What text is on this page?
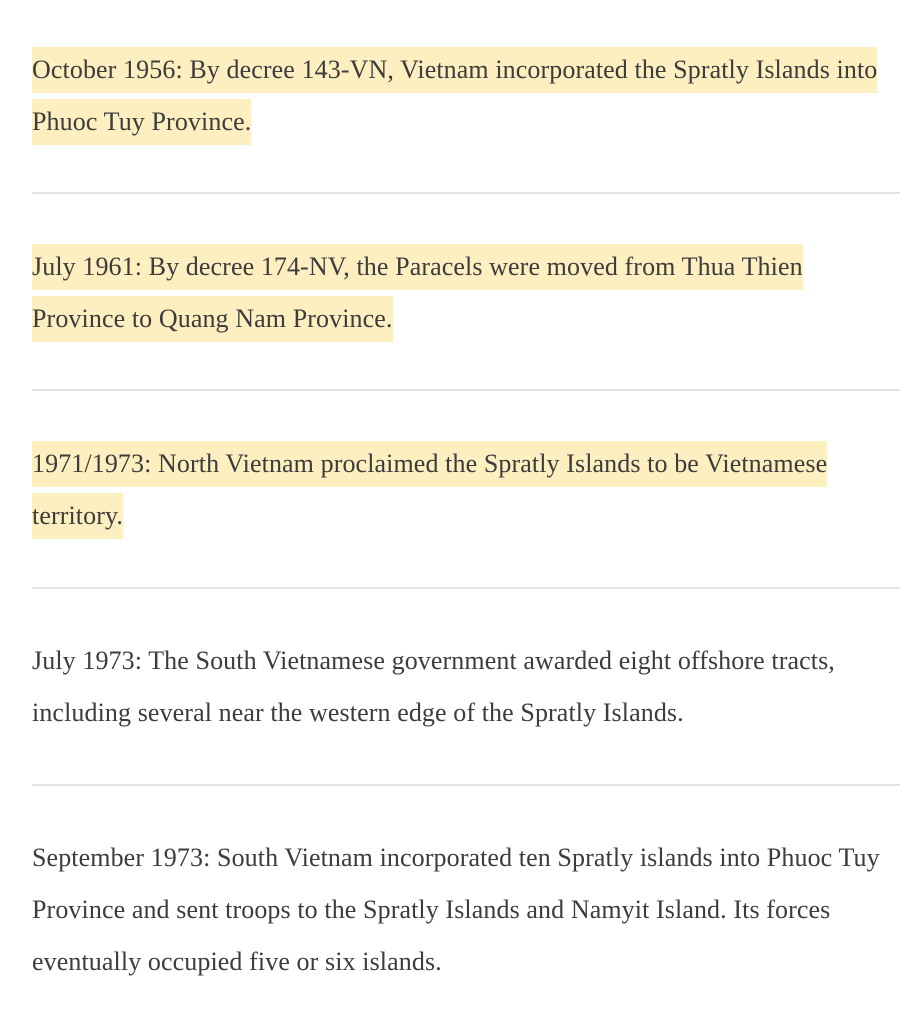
October 1956: By decree 143-VN, Vietnam incorporated the Spratly Islands into Phuoc Tuy Province.

July 1961: By decree 174-NV, the Paracels were moved from Thua Thien Province to Quang Nam Province.

1971/1973: North Vietnam proclaimed the Spratly Islands to be Vietnamese territory.

July 1973: The South Vietnamese government awarded eight offshore tracts, including several near the western edge of the Spratly Islands.

September 1973: South Vietnam incorporated ten Spratly islands into Phuoc Tuy Province and sent troops to the Spratly Islands and Namyit Island. Its forces eventually occupied five or six islands.
